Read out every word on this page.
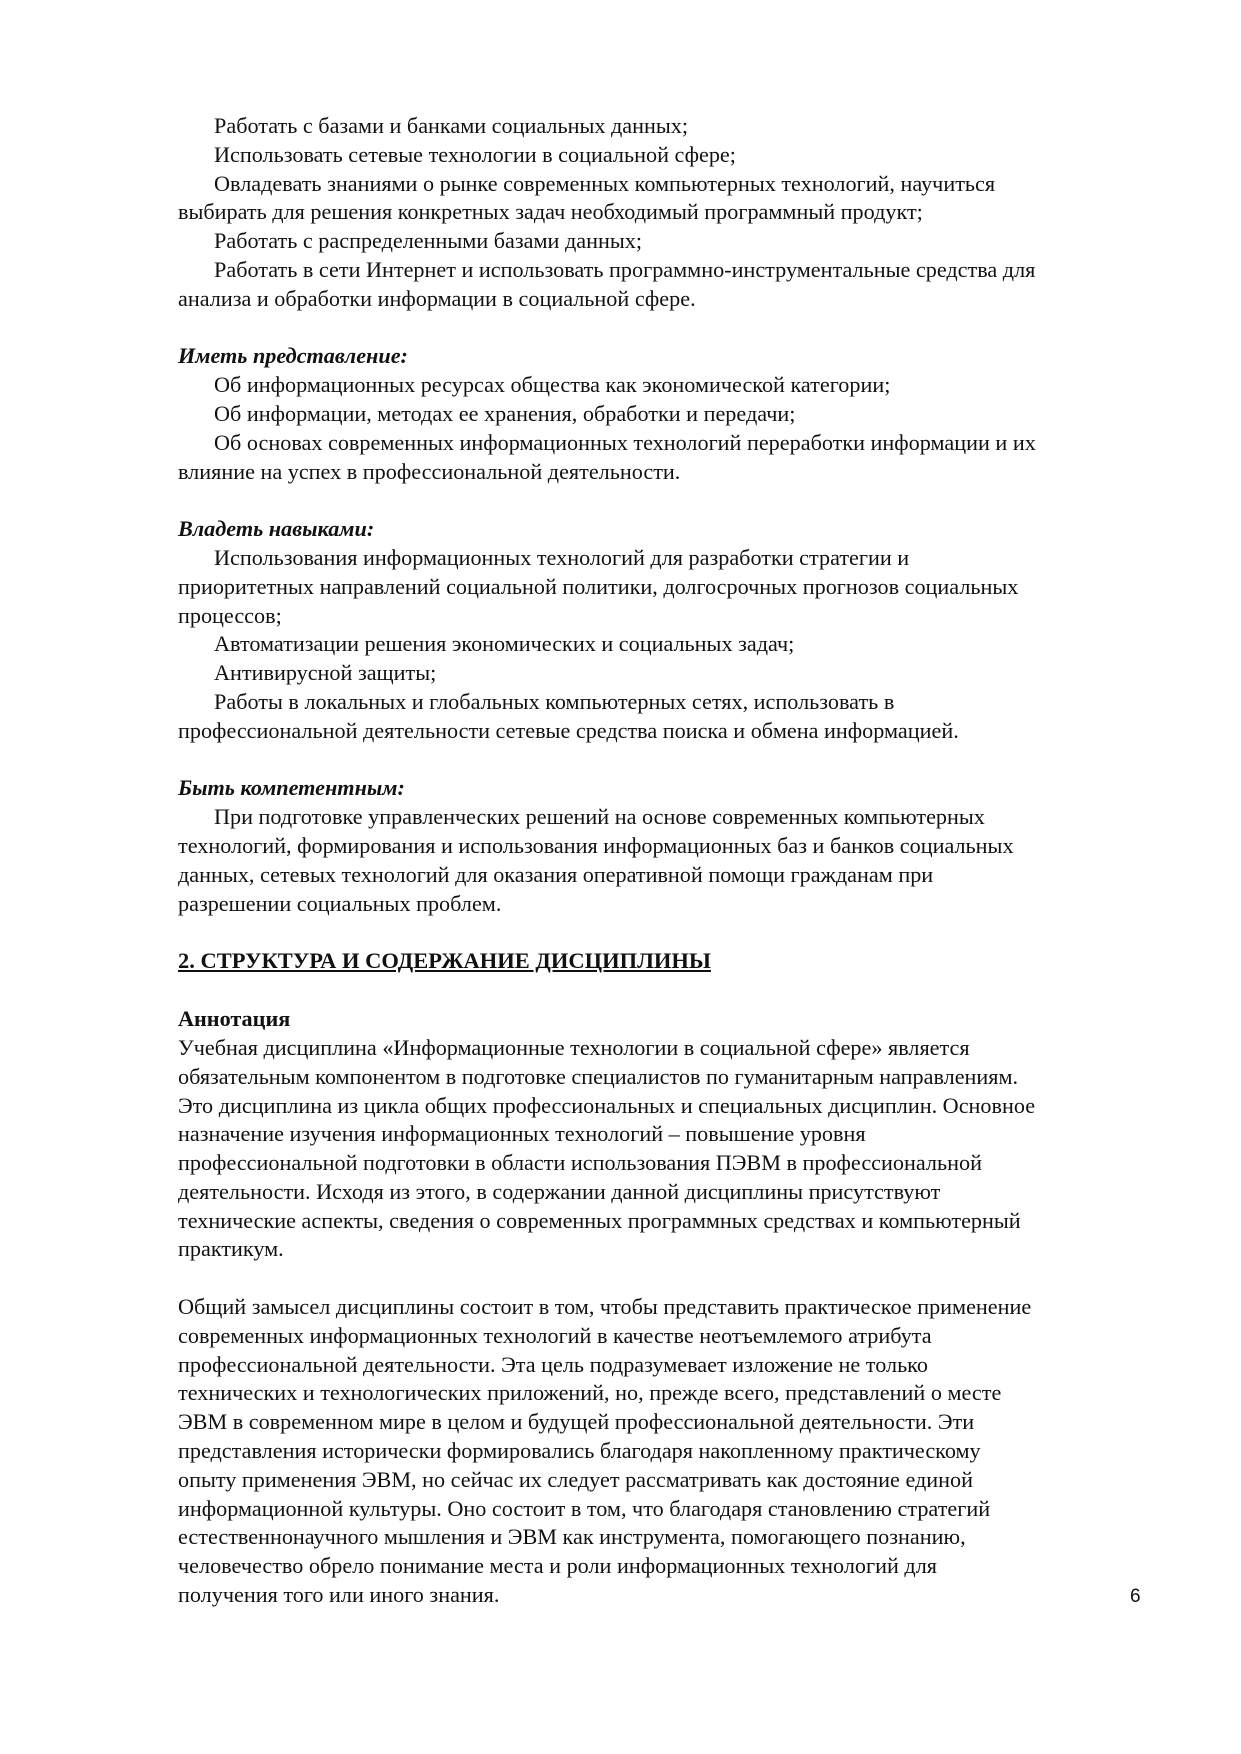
Работать с базами и банками социальных данных;

Использовать сетевые технологии в социальной сфере;

Овладевать знаниями о рынке современных компьютерных технологий, научиться

выбирать для решения конкретных задач необходимый программный продукт;

Работать с распределенными базами данных;

Работать в сети Интернет и использовать программно-инструментальные средства для

анализа и обработки информации в социальной сфере.

Иметь представление:

Об информационных ресурсах общества как экономической категории;

Об информации, методах ее хранения, обработки и передачи;

Об основах современных информационных технологий переработки информации и их

влияние на успех в профессиональной деятельности.

Владеть навыками:

Использования информационных технологий для разработки стратегии и

приоритетных направлений социальной политики, долгосрочных прогнозов социальных

процессов;

Автоматизации решения экономических и социальных задач;

Антивирусной защиты;

Работы в локальных и глобальных компьютерных сетях, использовать в

профессиональной деятельности сетевые средства поиска и обмена информацией.

Быть компетентным:

При подготовке управленческих решений на основе современных компьютерных

технологий, формирования и использования информационных баз и банков социальных

данных, сетевых технологий для оказания оперативной помощи гражданам при

разрешении социальных проблем.

2. СТРУКТУРА И СОДЕРЖАНИЕ ДИСЦИПЛИНЫ

Аннотация

Учебная дисциплина «Информационные технологии в социальной сфере» является

обязательным компонентом в подготовке специалистов по гуманитарным направлениям.

Это дисциплина из цикла общих профессиональных и специальных дисциплин. Основное

назначение изучения информационных технологий – повышение уровня

профессиональной подготовки в области использования ПЭВМ в профессиональной

деятельности. Исходя из этого, в содержании данной дисциплины присутствуют

технические аспекты, сведения о современных программных средствах и компьютерный

практикум.

Общий замысел дисциплины состоит в том, чтобы представить практическое применение

современных информационных технологий в качестве неотъемлемого атрибута

профессиональной деятельности. Эта цель подразумевает изложение не только

технических и технологических приложений, но, прежде всего, представлений о месте

ЭВМ в современном мире в целом и будущей профессиональной деятельности. Эти

представления исторически формировались благодаря накопленному практическому

опыту применения ЭВМ, но сейчас их следует рассматривать как достояние единой

информационной культуры. Оно состоит в том, что благодаря становлению стратегий

естественнонаучного мышления и ЭВМ как инструмента, помогающего познанию,

человечество обрело понимание места и роли информационных технологий для

получения того или иного знания.	6
